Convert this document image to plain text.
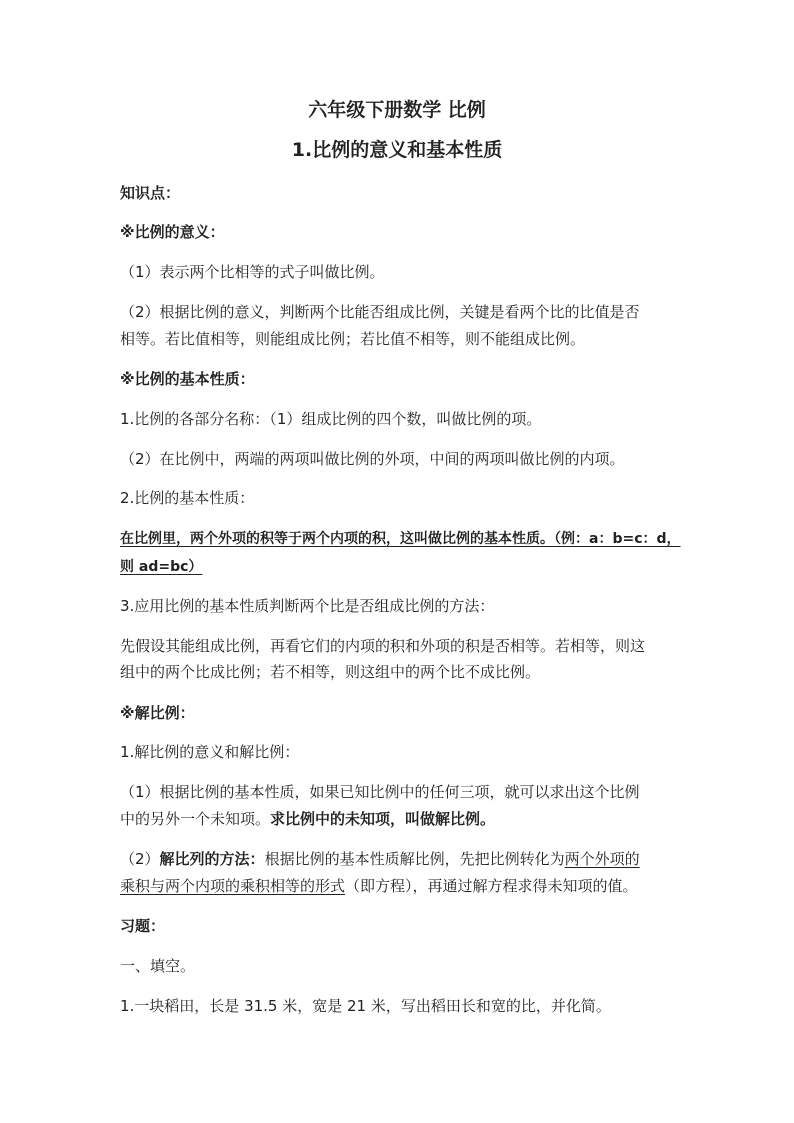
六年级下册数学 比例
1.比例的意义和基本性质
知识点：
※比例的意义：
（1）表示两个比相等的式子叫做比例。
（2）根据比例的意义，判断两个比能否组成比例，关键是看两个比的比值是否
相等。若比值相等，则能组成比例；若比值不相等，则不能组成比例。
※比例的基本性质：
1.比例的各部分名称：（1）组成比例的四个数，叫做比例的项。
（2）在比例中，两端的两项叫做比例的外项，中间的两项叫做比例的内项。
2.比例的基本性质：
在比例里，两个外项的积等于两个内项的积，这叫做比例的基本性质。（例：a：b=c：d，
则 ad=bc）
3.应用比例的基本性质判断两个比是否组成比例的方法：
先假设其能组成比例，再看它们的内项的积和外项的积是否相等。若相等，则这
组中的两个比成比例；若不相等，则这组中的两个比不成比例。
※解比例：
1.解比例的意义和解比例：
（1）根据比例的基本性质，如果已知比例中的任何三项，就可以求出这个比例
中的另外一个未知项。求比例中的未知项，叫做解比例。
（2）解比列的方法：根据比例的基本性质解比例，先把比例转化为两个外项的
乘积与两个内项的乘积相等的形式（即方程），再通过解方程求得未知项的值。
习题：
一、填空。
1.一块稻田，长是 31.5 米，宽是 21 米，写出稻田长和宽的比，并化简。
